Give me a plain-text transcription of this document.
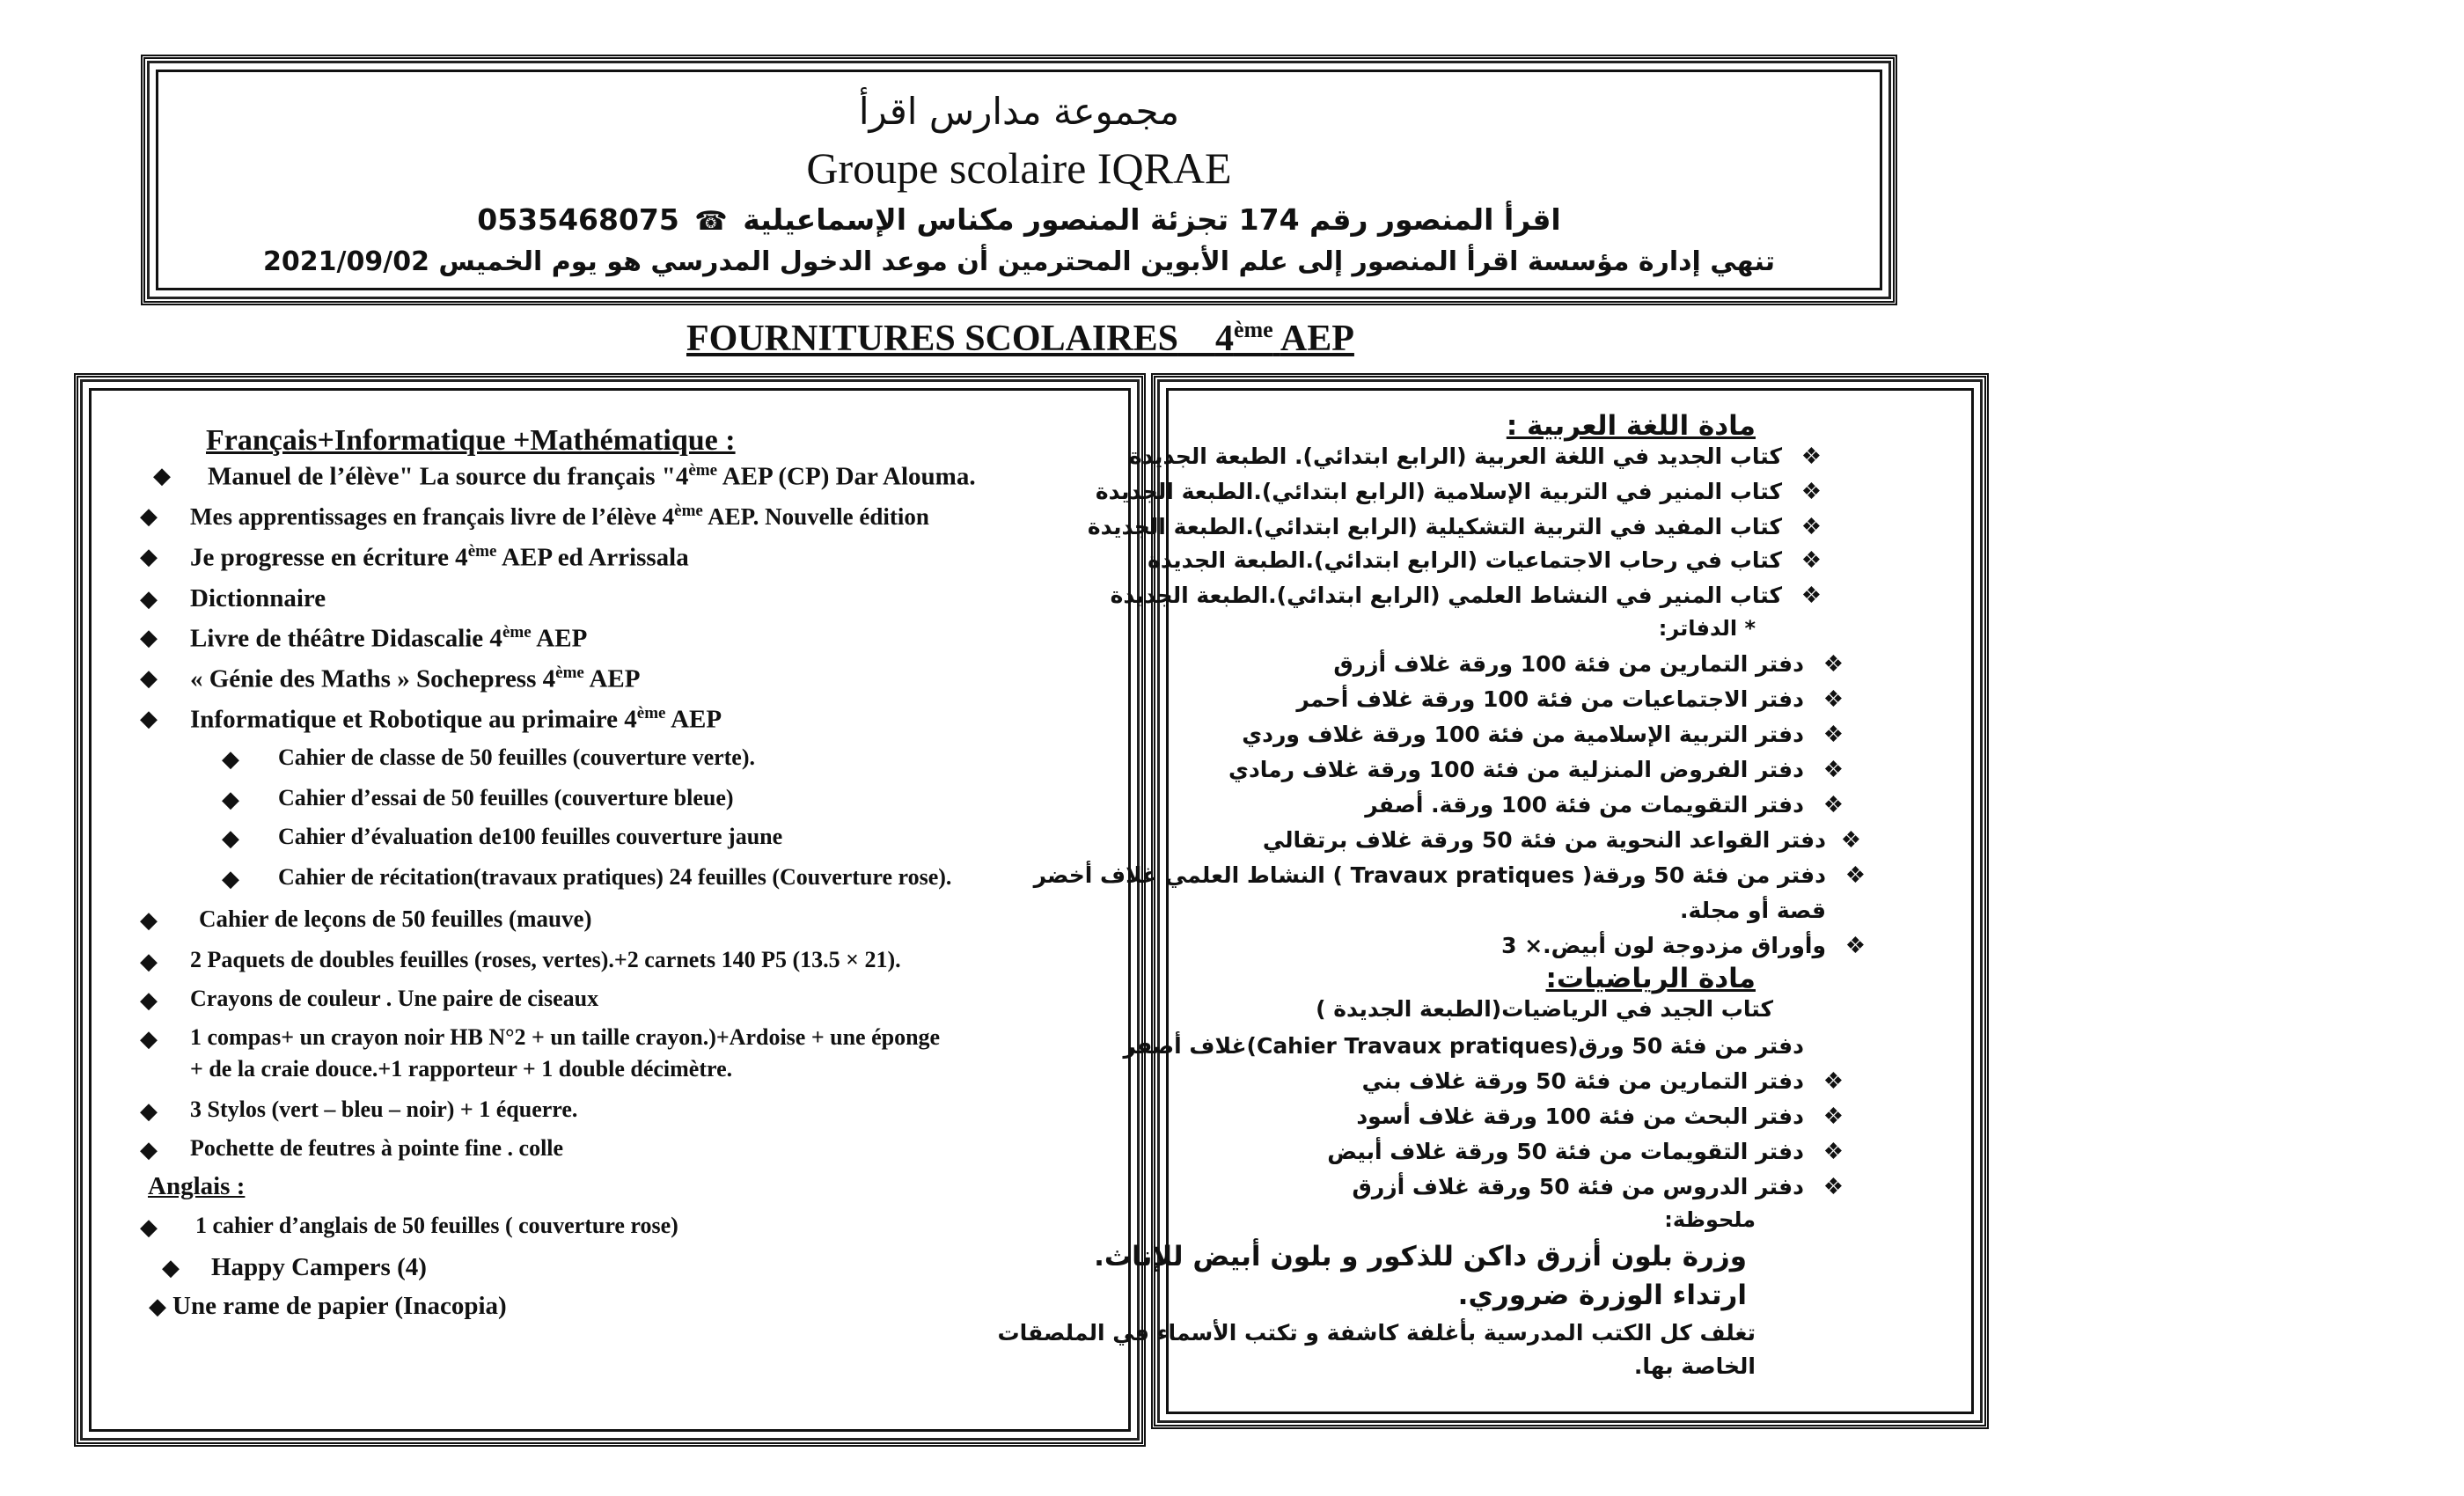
مجموعة مدارس اقرأ
Groupe scolaire IQRAE
اقرأ المنصور رقم 174 تجزئة المنصور مكناس الإسماعيلية ☎ 0535468075
تنهي إدارة مؤسسة اقرأ المنصور إلى علم الأبوين المحترمين أن موعد الدخول المدرسي هو يوم الخميس 2021/09/02
FOURNITURES SCOLAIRES 4ème AEP
Français+Informatique +Mathématique :
◆ Manuel de l’élève" La source du français "4ème AEP (CP) Dar Alouma.
◆ Mes apprentissages en français livre de l’élève 4ème AEP. Nouvelle édition
◆ Je progresse en écriture 4ème AEP ed Arrissala
◆ Dictionnaire
◆ Livre de théâtre Didascalie 4ème AEP
◆ « Génie des Maths » Sochepress 4ème AEP
◆ Informatique et Robotique au primaire 4ème AEP
◆ Cahier de classe de 50 feuilles (couverture verte).
◆ Cahier d’essai de 50 feuilles (couverture bleue)
◆ Cahier d’évaluation de100 feuilles couverture jaune
◆ Cahier de récitation(travaux pratiques) 24 feuilles (Couverture rose).
◆ Cahier de leçons de 50 feuilles (mauve)
◆ 2 Paquets de doubles feuilles (roses, vertes).+2 carnets 140 P5 (13.5 × 21).
◆ Crayons de couleur . Une paire de ciseaux
◆ 1 compas+ un crayon noir HB N°2 + un taille crayon.)+Ardoise + une éponge
+ de la craie douce.+1 rapporteur + 1 double décimètre.
◆ 3 Stylos (vert – bleu – noir) + 1 équerre.
◆ Pochette de feutres à pointe fine . colle
Anglais :
◆ 1 cahier d’anglais de 50 feuilles ( couverture rose)
◆ Happy Campers (4)
◆ Une rame de papier (Inacopia)
مادة اللغة العربية :
❖
كتاب الجديد في اللغة العربية (الرابع ابتدائي). الطبعة الجديدة
❖
كتاب المنير في التربية الإسلامية (الرابع ابتدائي).الطبعة الجديدة
❖
كتاب المفيد في التربية التشكيلية (الرابع ابتدائي).الطبعة الجديدة
❖
كتاب في رحاب الاجتماعيات (الرابع ابتدائي).الطبعة الجديدة
❖
كتاب المنير في النشاط العلمي (الرابع ابتدائي).الطبعة الجديدة
* الدفاتر:
❖
دفتر التمارين من فئة 100 ورقة غلاف أزرق
❖
دفتر الاجتماعيات من فئة 100 ورقة غلاف أحمر
❖
دفتر التربية الإسلامية من فئة 100 ورقة غلاف وردي
❖
دفتر الفروض المنزلية من فئة 100 ورقة غلاف رمادي
❖
دفتر التقويمات من فئة 100 ورقة. أصفر
❖
دفتر القواعد النحوية من فئة 50 ورقة غلاف برتقالي
❖
دفتر من فئة 50 ورقة( Travaux pratiques ) النشاط العلمي غلاف أخضر
قصة أو مجلة.
❖
وأوراق مزدوجة لون أبيض.× 3
مادة الرياضيات:
كتاب الجيد في الرياضيات(الطبعة الجديدة )
دفتر من فئة 50 ورق(Cahier Travaux pratiques)غلاف أصفر
❖
دفتر التمارين من فئة 50 ورقة غلاف بني
❖
دفتر البحث من فئة 100 ورقة غلاف أسود
❖
دفتر التقويمات من فئة 50 ورقة غلاف أبيض
❖
دفتر الدروس من فئة 50 ورقة غلاف أزرق
ملحوظة:
وزرة بلون أزرق داكن للذكور و بلون أبيض للإناث.
ارتداء الوزرة ضروري.
تغلف كل الكتب المدرسية بأغلفة كاشفة و تكتب الأسماء في الملصقات
الخاصة بها.
